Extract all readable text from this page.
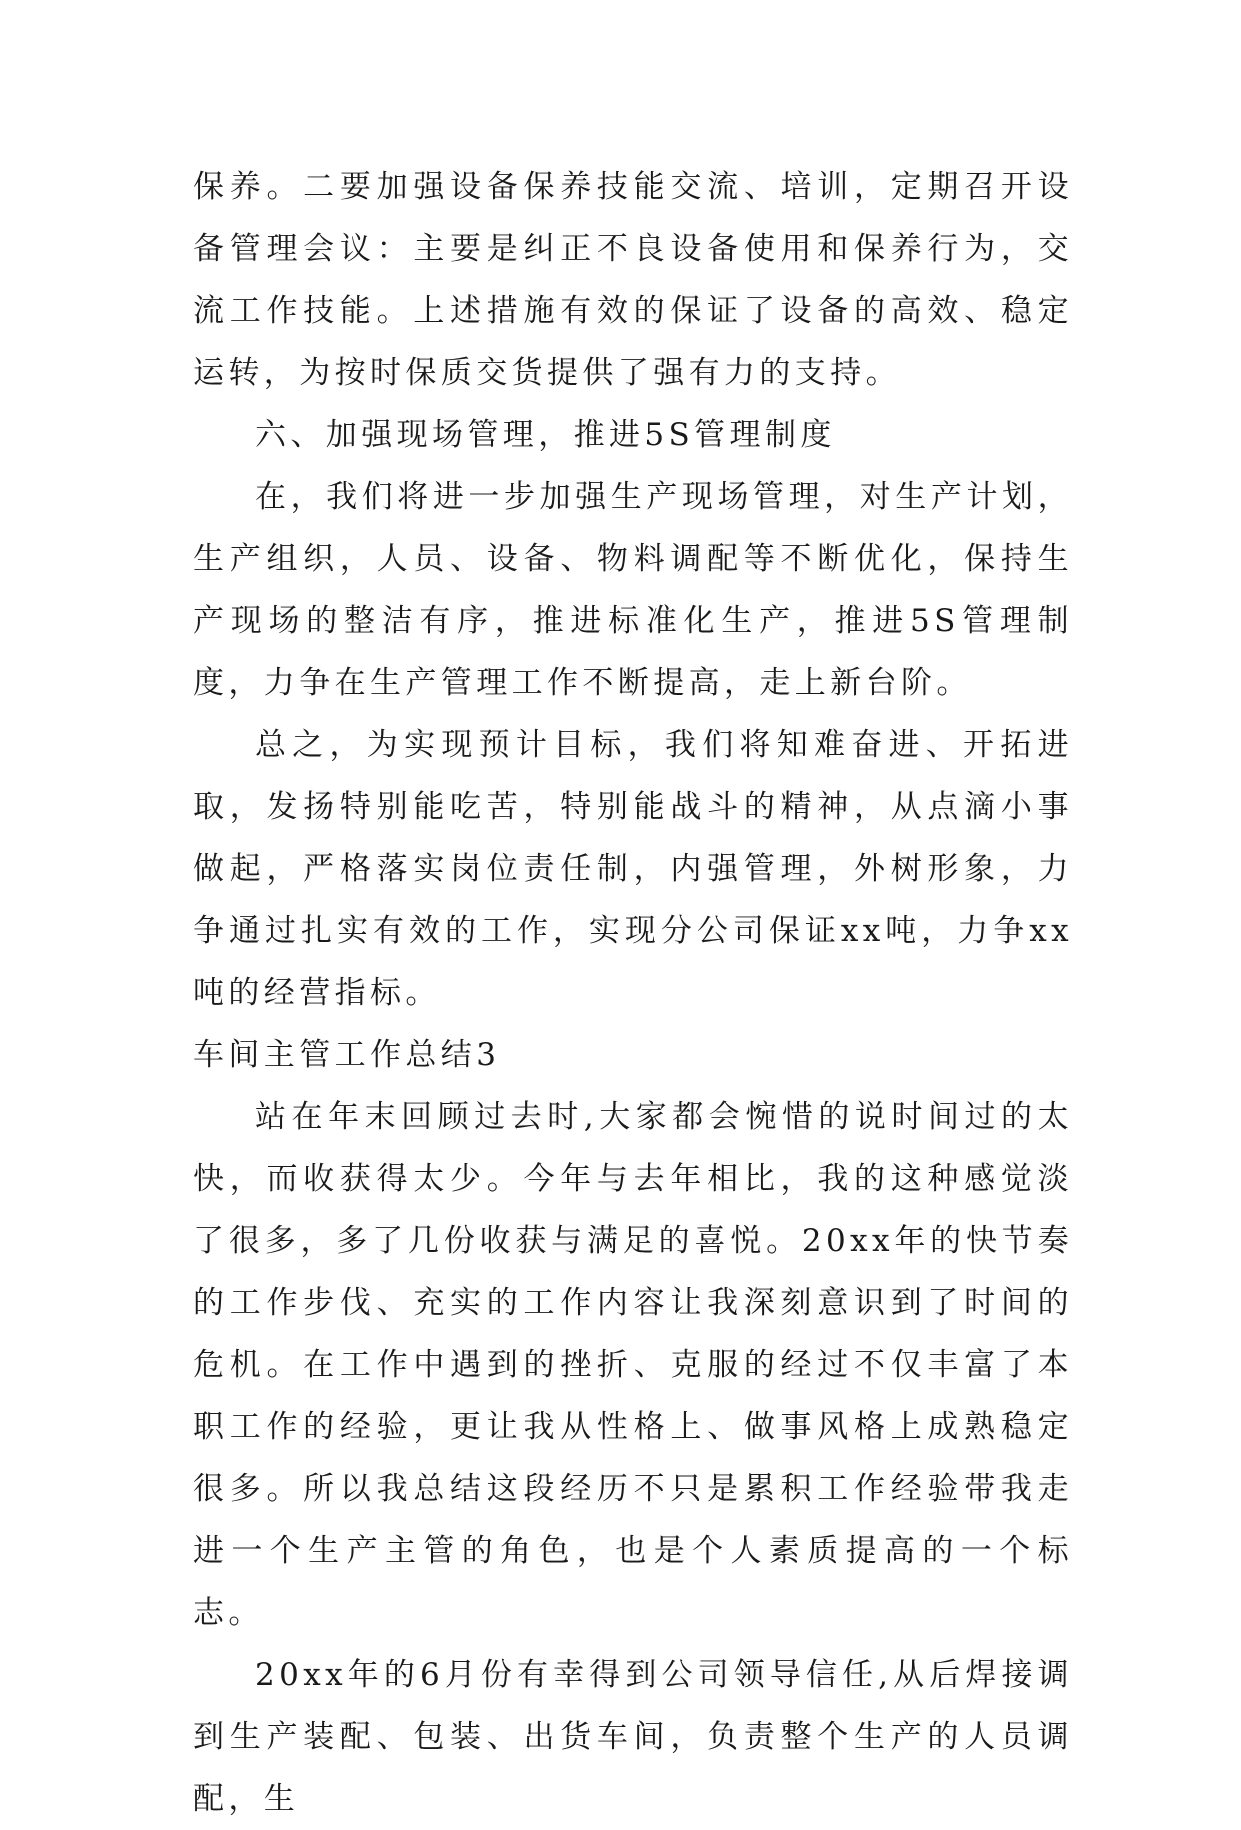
保养。二要加强设备保养技能交流、培训，定期召开设备管理会议：主要是纠正不良设备使用和保养行为，交流工作技能。上述措施有效的保证了设备的高效、稳定运转，为按时保质交货提供了强有力的支持。

六、加强现场管理，推进5S管理制度

在，我们将进一步加强生产现场管理，对生产计划，生产组织，人员、设备、物料调配等不断优化，保持生产现场的整洁有序，推进标准化生产，推进5S管理制度，力争在生产管理工作不断提高，走上新台阶。

总之，为实现预计目标，我们将知难奋进、开拓进取，发扬特别能吃苦，特别能战斗的精神，从点滴小事做起，严格落实岗位责任制，内强管理，外树形象，力争通过扎实有效的工作，实现分公司保证xx吨，力争xx吨的经营指标。

车间主管工作总结3

站在年末回顾过去时,大家都会惋惜的说时间过的太快，而收获得太少。今年与去年相比，我的这种感觉淡了很多，多了几份收获与满足的喜悦。20xx年的快节奏的工作步伐、充实的工作内容让我深刻意识到了时间的危机。在工作中遇到的挫折、克服的经过不仅丰富了本职工作的经验，更让我从性格上、做事风格上成熟稳定很多。所以我总结这段经历不只是累积工作经验带我走进一个生产主管的角色，也是个人素质提高的一个标志。

20xx年的6月份有幸得到公司领导信任,从后焊接调到生产装配、包装、出货车间，负责整个生产的人员调配，生
